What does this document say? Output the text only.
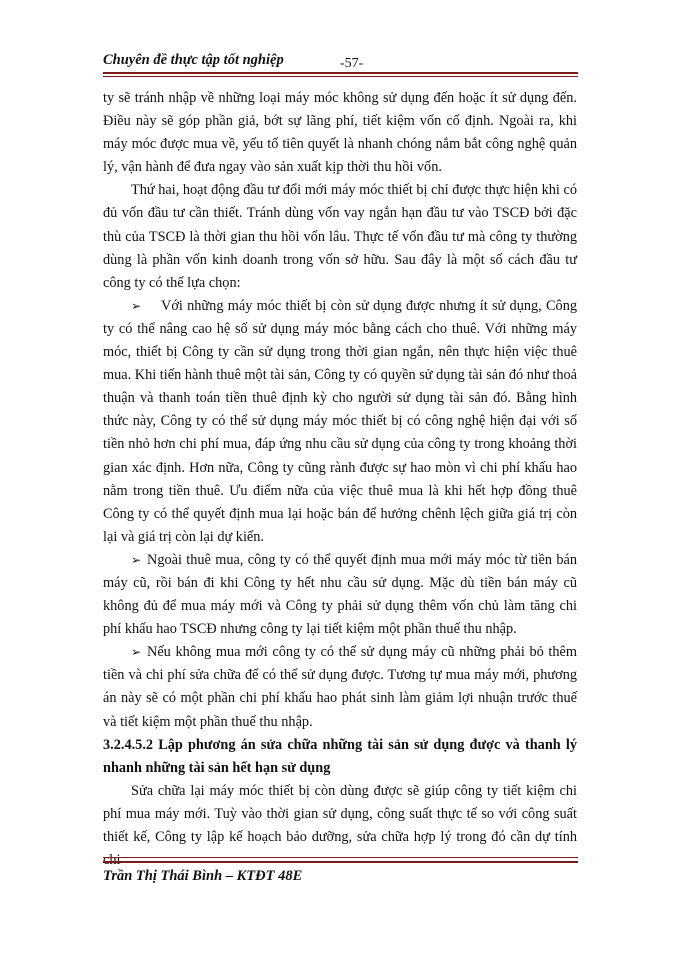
Chuyên đề thực tập tốt nghiệp	-57-

ty sẽ tránh nhập về những loại máy móc không sử dụng đến hoặc ít sử dụng đến. Điều này sẽ góp phần giả, bớt sự lãng phí, tiết kiệm vốn cố định. Ngoài ra, khi máy móc được mua về, yếu tố tiên quyết là nhanh chóng nắm bắt công nghệ quản lý, vận hành để đưa ngay vào sản xuất kịp thời thu hồi vốn.

Thứ hai, hoạt động đầu tư đổi mới máy móc thiết bị chỉ được thực hiện khi có đủ vốn đầu tư cần thiết. Tránh dùng vốn vay ngắn hạn đầu tư vào TSCĐ bởi đặc thù của TSCĐ là thời gian thu hồi vốn lâu. Thực tế vốn đầu tư mà công ty thường dùng là phần vốn kinh doanh trong vốn sở hữu. Sau đây là một số cách đầu tư công ty có thể lựa chọn:

➢ Với những máy móc thiết bị còn sử dụng được nhưng ít sử dụng, Công ty có thể nâng cao hệ số sử dụng máy móc bằng cách cho thuê. Với những máy móc, thiết bị Công ty cần sử dụng trong thời gian ngắn, nên thực hiện việc thuê mua. Khi tiến hành thuê một tài sản, Công ty có quyền sử dụng tài sản đó như thoả thuận và thanh toán tiền thuê định kỳ cho người sử dụng tài sản đó. Bằng hình thức này, Công ty có thể sử dụng máy móc thiết bị có công nghệ hiện đại với số tiền nhỏ hơn chi phí mua, đáp ứng nhu cầu sử dụng của công ty trong khoảng thời gian xác định. Hơn nữa, Công ty cũng rành được sự hao mòn vì chi phí khấu hao nằm trong tiền thuê. Ưu điểm nữa của việc thuê mua là khi hết hợp đồng thuê Công ty có thể quyết định mua lại hoặc bán để hưởng chênh lệch giữa giá trị còn lại và giá trị còn lại dự kiến.

➢ Ngoài thuê mua, công ty có thể quyết định mua mới máy móc từ tiền bán máy cũ, rồi bán đi khi Công ty hết nhu cầu sử dụng. Mặc dù tiền bán máy cũ không đủ để mua máy mới và Công ty phải sử dụng thêm vốn chủ làm tăng chi phí khấu hao TSCĐ nhưng công ty lại tiết kiệm một phần thuế thu nhập.

➢ Nếu không mua mới công ty có thể sử dụng máy cũ những phải bỏ thêm tiền và chi phí sửa chữa để có thể sử dụng được. Tương tự mua máy mới, phương án này sẽ có một phần chi phí khấu hao phát sinh làm giảm lợi nhuận trước thuế và tiết kiệm một phần thuế thu nhập.

3.2.4.5.2 Lập phương án sửa chữa những tài sản sử dụng được và thanh lý nhanh những tài sản hết hạn sử dụng

Sửa chữa lại máy móc thiết bị còn dùng được sẽ giúp công ty tiết kiệm chi phí mua máy mới. Tuỳ vào thời gian sử dụng, công suất thực tế so với công suất thiết kế, Công ty lập kế hoạch bảo dưỡng, sửa chữa hợp lý trong đó cần dự tính chi

Trần Thị Thái Bình – KTĐT 48E
